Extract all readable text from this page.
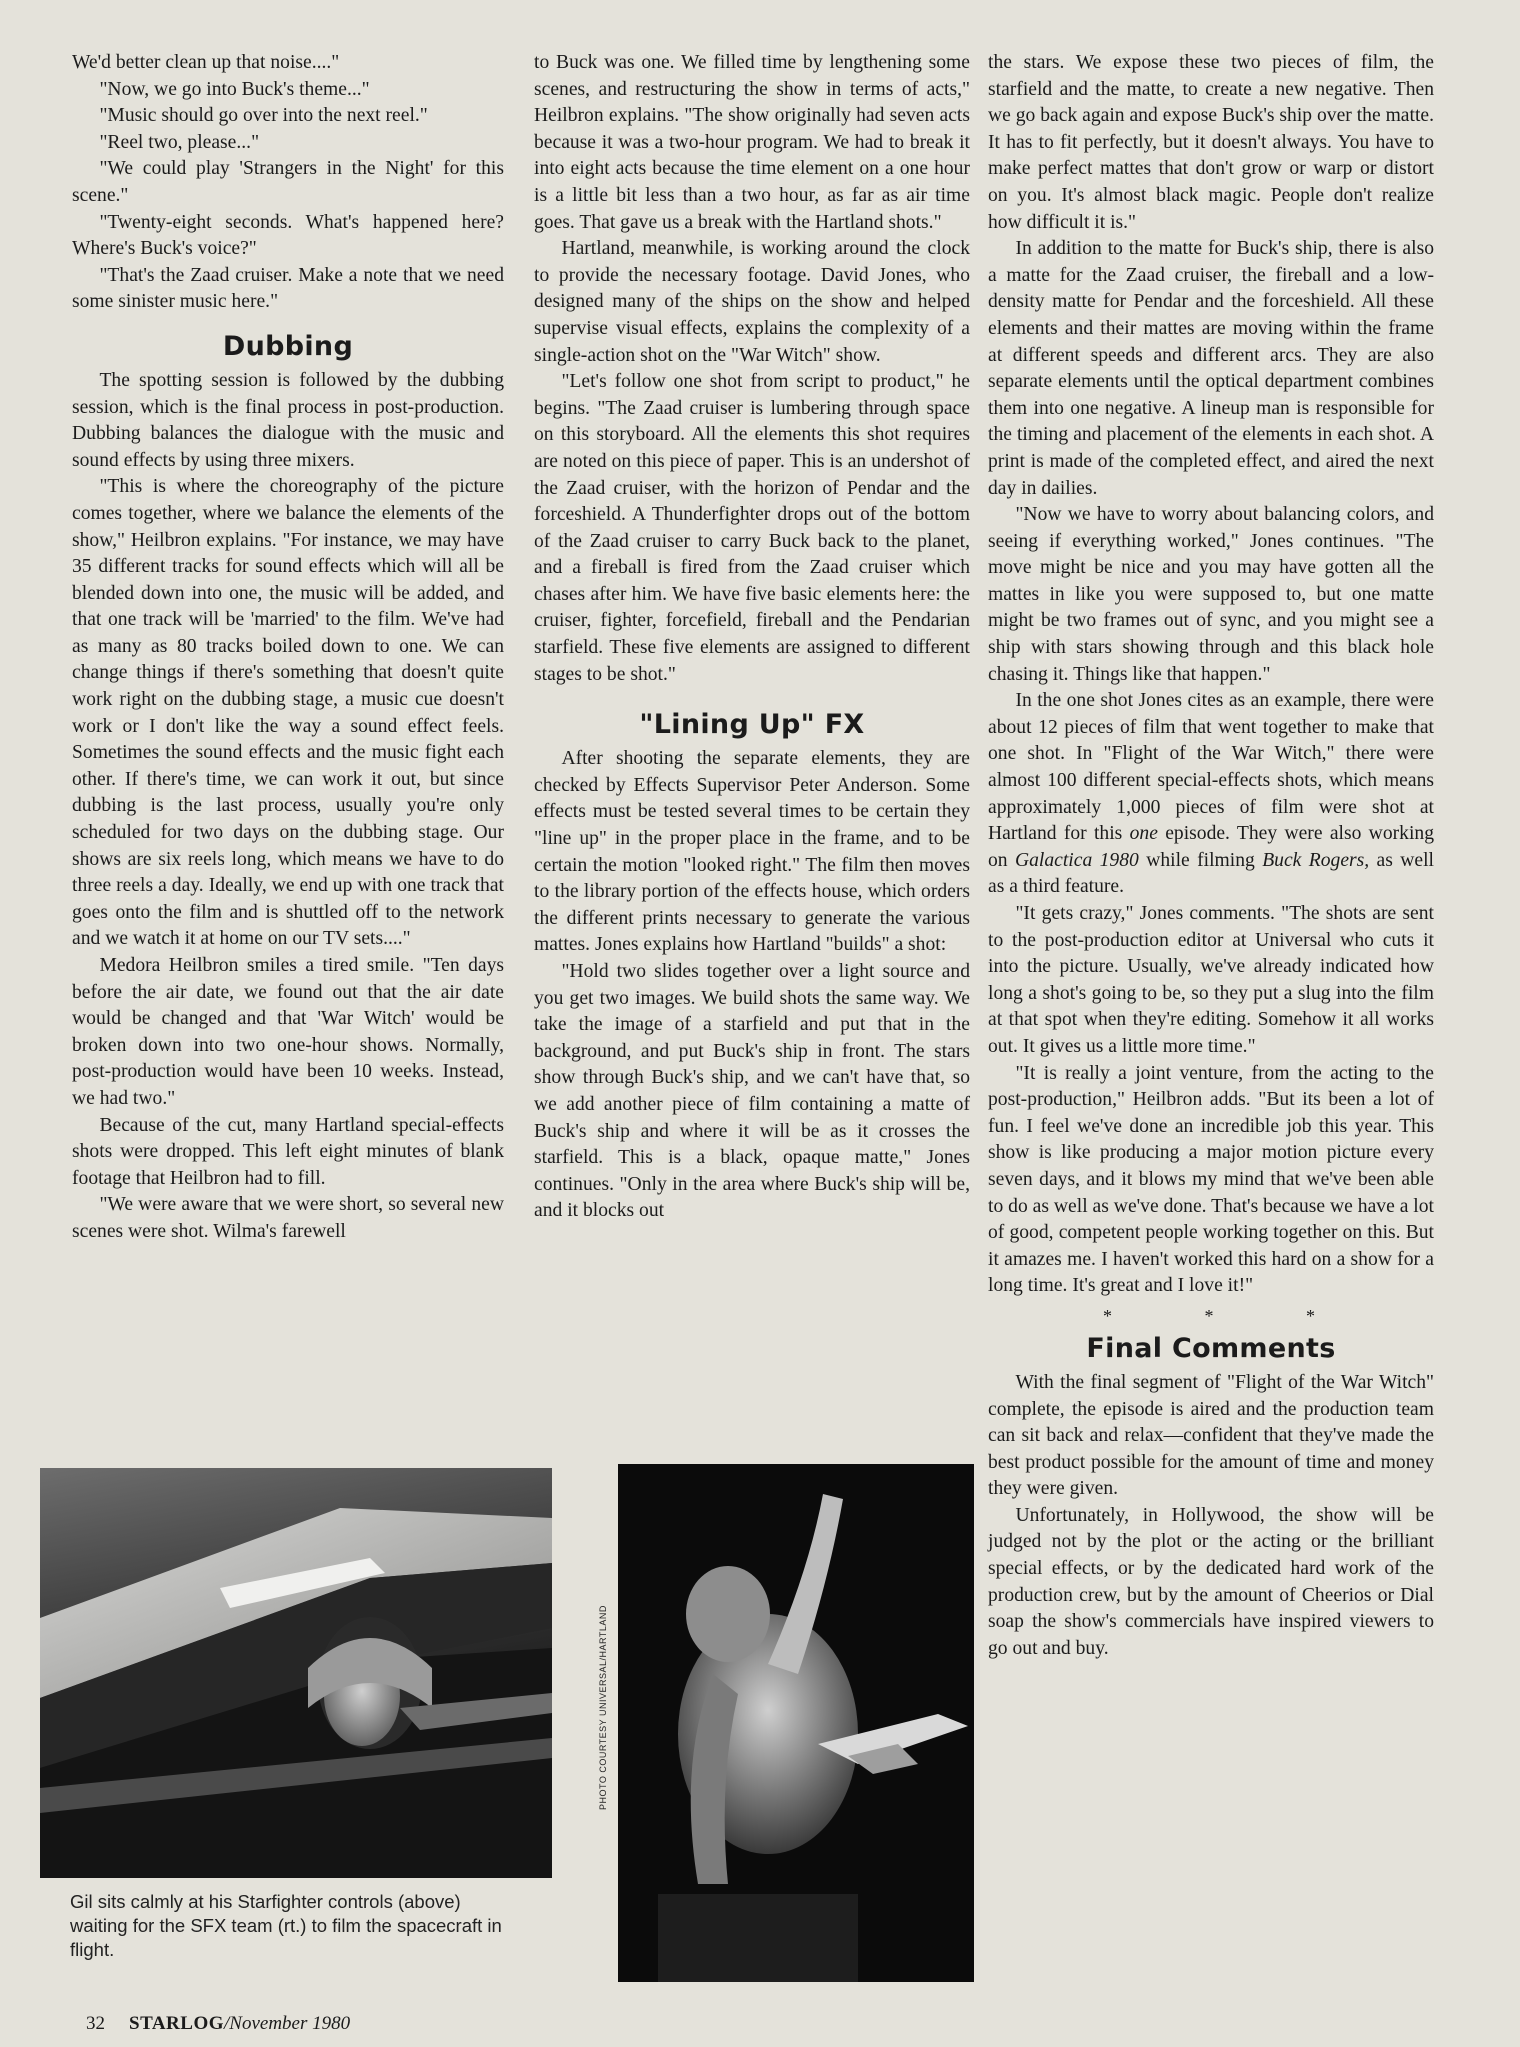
We'd better clean up that noise...."

"Now, we go into Buck's theme..."

"Music should go over into the next reel."

"Reel two, please..."

"We could play 'Strangers in the Night' for this scene."

"Twenty-eight seconds. What's happened here? Where's Buck's voice?"

"That's the Zaad cruiser. Make a note that we need some sinister music here."

Dubbing

The spotting session is followed by the dubbing session, which is the final process in post-production. Dubbing balances the dialogue with the music and sound effects by using three mixers.

"This is where the choreography of the picture comes together, where we balance the elements of the show," Heilbron explains. "For instance, we may have 35 different tracks for sound effects which will all be blended down into one, the music will be added, and that one track will be 'married' to the film. We've had as many as 80 tracks boiled down to one. We can change things if there's something that doesn't quite work right on the dubbing stage, a music cue doesn't work or I don't like the way a sound effect feels. Sometimes the sound effects and the music fight each other. If there's time, we can work it out, but since dubbing is the last process, usually you're only scheduled for two days on the dubbing stage. Our shows are six reels long, which means we have to do three reels a day. Ideally, we end up with one track that goes onto the film and is shuttled off to the network and we watch it at home on our TV sets...."

Medora Heilbron smiles a tired smile. "Ten days before the air date, we found out that the air date would be changed and that 'War Witch' would be broken down into two one-hour shows. Normally, post-production would have been 10 weeks. Instead, we had two."

Because of the cut, many Hartland special-effects shots were dropped. This left eight minutes of blank footage that Heilbron had to fill.

"We were aware that we were short, so several new scenes were shot. Wilma's farewell

to Buck was one. We filled time by lengthening some scenes, and restructuring the show in terms of acts," Heilbron explains. "The show originally had seven acts because it was a two-hour program. We had to break it into eight acts because the time element on a one hour is a little bit less than a two hour, as far as air time goes. That gave us a break with the Hartland shots."

Hartland, meanwhile, is working around the clock to provide the necessary footage. David Jones, who designed many of the ships on the show and helped supervise visual effects, explains the complexity of a single-action shot on the "War Witch" show.

"Let's follow one shot from script to product," he begins. "The Zaad cruiser is lumbering through space on this storyboard. All the elements this shot requires are noted on this piece of paper. This is an undershot of the Zaad cruiser, with the horizon of Pendar and the forceshield. A Thunderfighter drops out of the bottom of the Zaad cruiser to carry Buck back to the planet, and a fireball is fired from the Zaad cruiser which chases after him. We have five basic elements here: the cruiser, fighter, forcefield, fireball and the Pendarian starfield. These five elements are assigned to different stages to be shot."

"Lining Up" FX

After shooting the separate elements, they are checked by Effects Supervisor Peter Anderson. Some effects must be tested several times to be certain they "line up" in the proper place in the frame, and to be certain the motion "looked right." The film then moves to the library portion of the effects house, which orders the different prints necessary to generate the various mattes. Jones explains how Hartland "builds" a shot:

"Hold two slides together over a light source and you get two images. We build shots the same way. We take the image of a starfield and put that in the background, and put Buck's ship in front. The stars show through Buck's ship, and we can't have that, so we add another piece of film containing a matte of Buck's ship and where it will be as it crosses the starfield. This is a black, opaque matte," Jones continues. "Only in the area where Buck's ship will be, and it blocks out

the stars. We expose these two pieces of film, the starfield and the matte, to create a new negative. Then we go back again and expose Buck's ship over the matte. It has to fit perfectly, but it doesn't always. You have to make perfect mattes that don't grow or warp or distort on you. It's almost black magic. People don't realize how difficult it is."

In addition to the matte for Buck's ship, there is also a matte for the Zaad cruiser, the fireball and a low-density matte for Pendar and the forceshield. All these elements and their mattes are moving within the frame at different speeds and different arcs. They are also separate elements until the optical department combines them into one negative. A lineup man is responsible for the timing and placement of the elements in each shot. A print is made of the completed effect, and aired the next day in dailies.

"Now we have to worry about balancing colors, and seeing if everything worked," Jones continues. "The move might be nice and you may have gotten all the mattes in like you were supposed to, but one matte might be two frames out of sync, and you might see a ship with stars showing through and this black hole chasing it. Things like that happen."

In the one shot Jones cites as an example, there were about 12 pieces of film that went together to make that one shot. In "Flight of the War Witch," there were almost 100 different special-effects shots, which means approximately 1,000 pieces of film were shot at Hartland for this one episode. They were also working on Galactica 1980 while filming Buck Rogers, as well as a third feature.

"It gets crazy," Jones comments. "The shots are sent to the post-production editor at Universal who cuts it into the picture. Usually, we've already indicated how long a shot's going to be, so they put a slug into the film at that spot when they're editing. Somehow it all works out. It gives us a little more time."

"It is really a joint venture, from the acting to the post-production," Heilbron adds. "But its been a lot of fun. I feel we've done an incredible job this year. This show is like producing a major motion picture every seven days, and it blows my mind that we've been able to do as well as we've done. That's because we have a lot of good, competent people working together on this. But it amazes me. I haven't worked this hard on a show for a long time. It's great and I love it!"

* * *
Final Comments

With the final segment of "Flight of the War Witch" complete, the episode is aired and the production team can sit back and relax—confident that they've made the best product possible for the amount of time and money they were given.

Unfortunately, in Hollywood, the show will be judged not by the plot or the acting or the brilliant special effects, or by the dedicated hard work of the production crew, but by the amount of Cheerios or Dial soap the show's commercials have inspired viewers to go out and buy.

PHOTO COURTESY UNIVERSAL/HARTLAND
Gil sits calmly at his Starfighter controls (above) waiting for the SFX team (rt.) to film the spacecraft in flight.
32 STARLOG/November 1980
